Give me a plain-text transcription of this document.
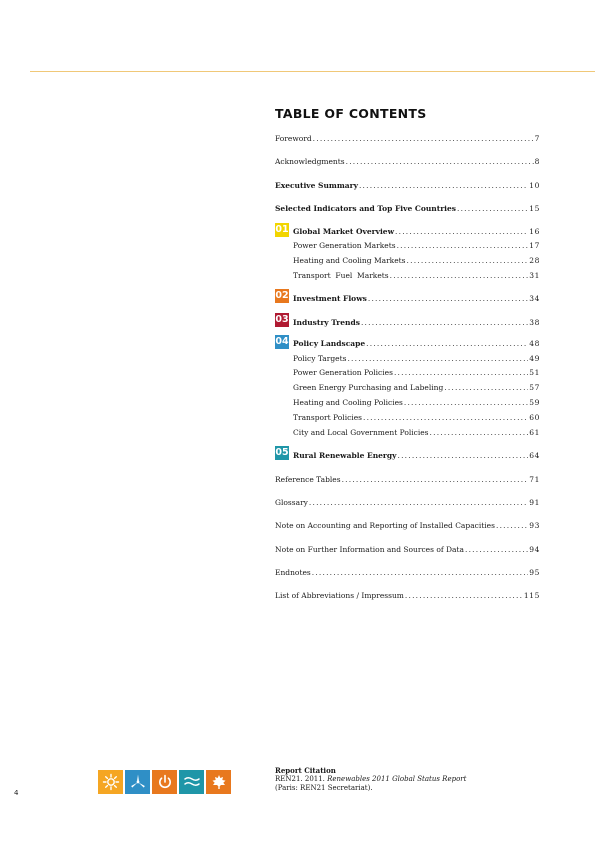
TABLE OF CONTENTS
Foreword .....	7
Acknowledgments .....	8
Executive Summary .....	10
Selected Indicators and Top Five Countries .....	15
01 Global Market Overview .....	16
Power Generation Markets .....	17
Heating and Cooling Markets .....	28
Transport  Fuel  Markets .....	31
02 Investment Flows .....	34
03 Industry Trends .....	38
04 Policy Landscape .....	48
Policy Targets .....	49
Power Generation Policies .....	51
Green Energy Purchasing and Labeling .....	57
Heating and Cooling Policies .....	59
Transport Policies .....	60
City and Local Government Policies .....	61
05 Rural Renewable Energy .....	64
Reference Tables .....	71
Glossary .....	91
Note on Accounting and Reporting of Installed Capacities .....	93
Note on Further Information and Sources of Data .....	94
Endnotes .....	95
List of Abbreviations / Impressum .....	115
4
Report Citation
REN21. 2011. Renewables 2011 Global Status Report
(Paris: REN21 Secretariat).
